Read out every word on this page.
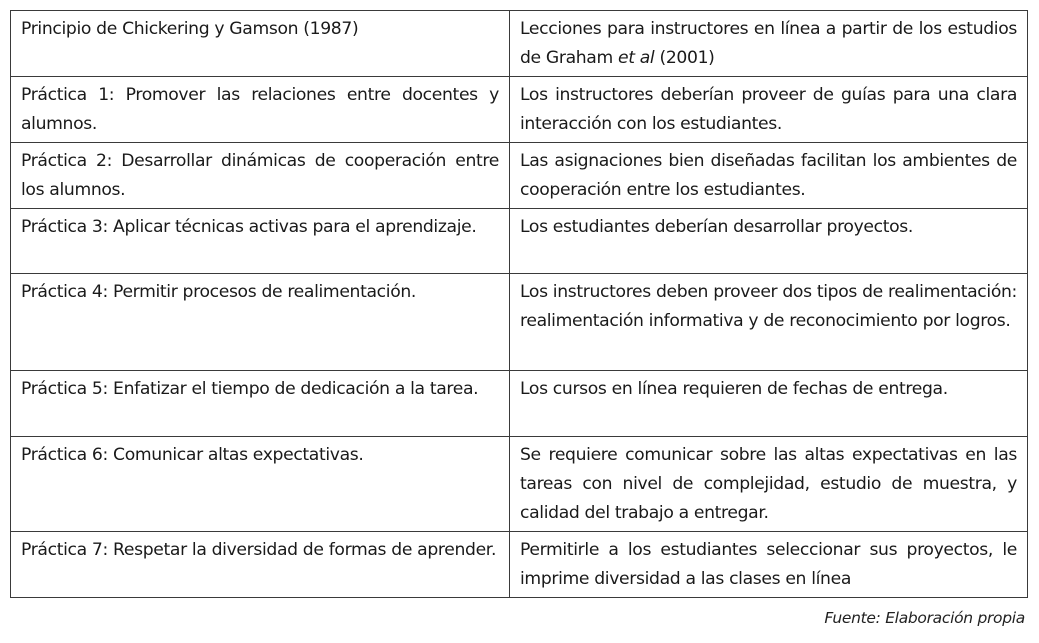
Principio de Chickering y Gamson (1987)	Lecciones para instructores en línea a partir de los estudios de Graham et al (2001)
Práctica 1: Promover las relaciones entre docentes y alumnos.	Los instructores deberían proveer de guías para una clara interacción con los estudiantes.
Práctica 2: Desarrollar dinámicas de cooperación entre los alumnos.	Las asignaciones bien diseñadas facilitan los ambientes de cooperación entre los estudiantes.
Práctica 3: Aplicar técnicas activas para el aprendizaje.	Los estudiantes deberían desarrollar proyectos.
Práctica 4: Permitir procesos de realimentación.	Los instructores deben proveer dos tipos de realimentación: realimentación informativa y de reconocimiento por logros.
Práctica 5: Enfatizar el tiempo de dedicación a la tarea.	Los cursos en línea requieren de fechas de entrega.
Práctica 6: Comunicar altas expectativas.	Se requiere comunicar sobre las altas expectativas en las tareas con nivel de complejidad, estudio de muestra, y calidad del trabajo a entregar.
Práctica 7: Respetar la diversidad de formas de aprender.	Permitirle a los estudiantes seleccionar sus proyectos, le imprime diversidad a las clases en línea
Fuente: Elaboración propia
